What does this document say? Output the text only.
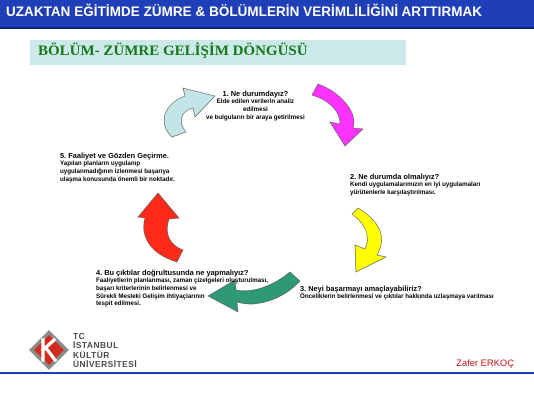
UZAKTAN EĞİTİMDE ZÜMRE & BÖLÜMLERİN VERİMLİLİĞİNİ ARTTIRMAK
BÖLÜM- ZÜMRE GELİŞİM DÖNGÜSÜ
1. Ne durumdayız?
Elde edilen verilerin analiz
edilmesi
ve bulguların bir araya getirilmesi
2. Ne durumda olmalıyız?
Kendi uygulamalarımızın en iyi uygulamaları
yürütenlerle karşılaştırılması.
3. Neyi başarmayı amaçlayabiliriz?
Önceliklerin belirlenmesi ve çıktılar hakkında uzlaşmaya varılması
4. Bu çıktılar doğrultusunda ne yapmalıyız?
Faaliyetlerin planlanması, zaman çizelgeleri oluşturulması,
başarı kriterlerinin belirlenmesi ve
Sürekli Mesleki Gelişim ihtiyaçlarının
tespit edilmesi.
5. Faaliyet ve Gözden Geçirme.
Yapılan planların uygulanıp
uygulanmadığının izlenmesi başarıya
ulaşma konusunda önemli bir noktadır.
TC
İSTANBUL
KÜLTÜR
ÜNİVERSİTESİ	Zafer ERKOÇ
